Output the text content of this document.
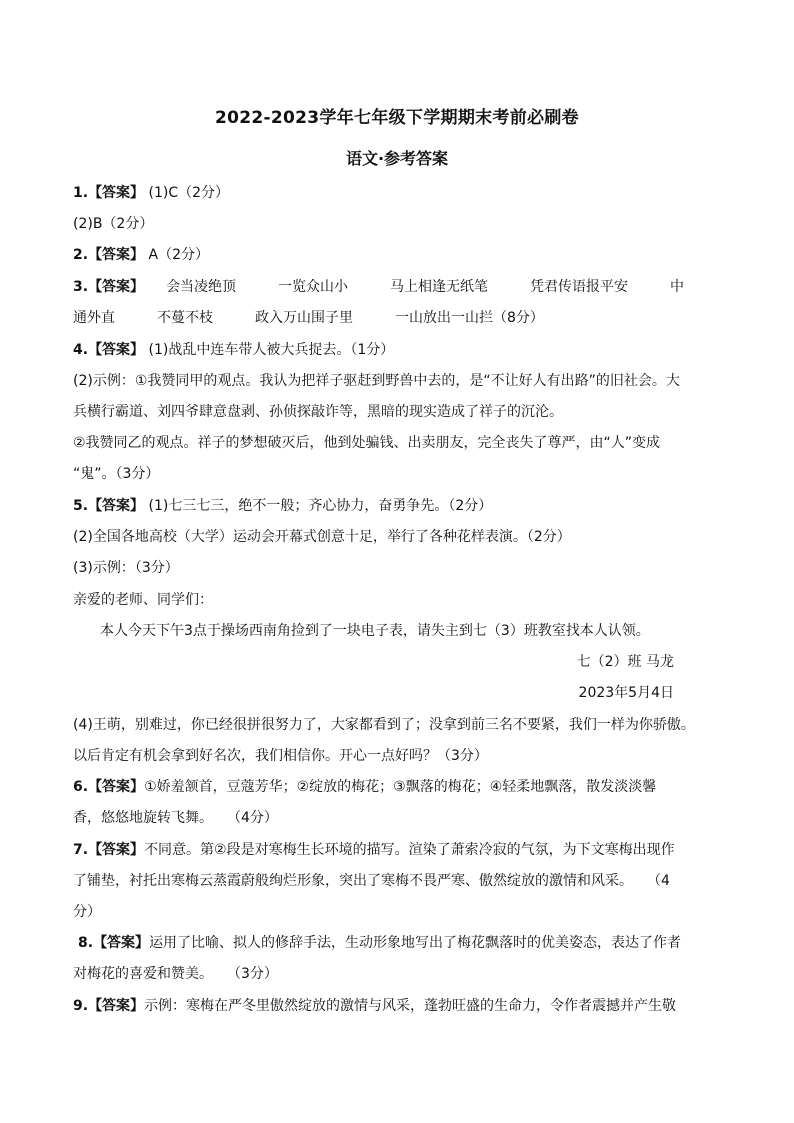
2022-2023学年七年级下学期期末考前必刷卷
语文·参考答案
1.【答案】 (1)C（2分）
(2)B（2分）
2.【答案】 A（2分）
3.【答案】 会当凌绝顶　　　一览众山小　　　马上相逢无纸笔　　　凭君传语报平安　　　中
通外直　　　不蔓不枝　　　政入万山围子里　　　一山放出一山拦（8分）
4.【答案】 (1)战乱中连车带人被大兵捉去。（1分）
(2)示例：①我赞同甲的观点。我认为把祥子驱赶到野兽中去的，是“不让好人有出路”的旧社会。大
兵横行霸道、刘四爷肆意盘剥、孙侦探敲诈等，黑暗的现实造成了祥子的沉沦。
②我赞同乙的观点。祥子的梦想破灭后，他到处骗钱、出卖朋友，完全丧失了尊严，由“人”变成
“鬼”。（3分）
5.【答案】 (1)七三七三，绝不一般；齐心协力，奋勇争先。（2分）
(2)全国各地高校（大学）运动会开幕式创意十足，举行了各种花样表演。（2分）
(3)示例：（3分）
亲爱的老师、同学们：
本人今天下午3点于操场西南角捡到了一块电子表，请失主到七（3）班教室找本人认领。
七（2）班 马龙
2023年5月4日
(4)王萌，别难过，你已经很拼很努力了，大家都看到了；没拿到前三名不要紧，我们一样为你骄傲。
以后肯定有机会拿到好名次，我们相信你。开心一点好吗？（3分）
6.【答案】①娇羞颔首，豆蔻芳华；②绽放的梅花；③飘落的梅花；④轻柔地飘落，散发淡淡馨
香，悠悠地旋转飞舞。　　（4分）
7.【答案】不同意。第②段是对寒梅生长环境的描写。渲染了萧索冷寂的气氛，为下文寒梅出现作
了铺垫，衬托出寒梅云蒸霞蔚般绚烂形象，突出了寒梅不畏严寒、傲然绽放的激情和风采。　　（4
分）
8.【答案】运用了比喻、拟人的修辞手法，生动形象地写出了梅花飘落时的优美姿态，表达了作者
对梅花的喜爱和赞美。　　（3分）
9.【答案】示例：寒梅在严冬里傲然绽放的激情与风采，蓬勃旺盛的生命力，令作者震撼并产生敬
